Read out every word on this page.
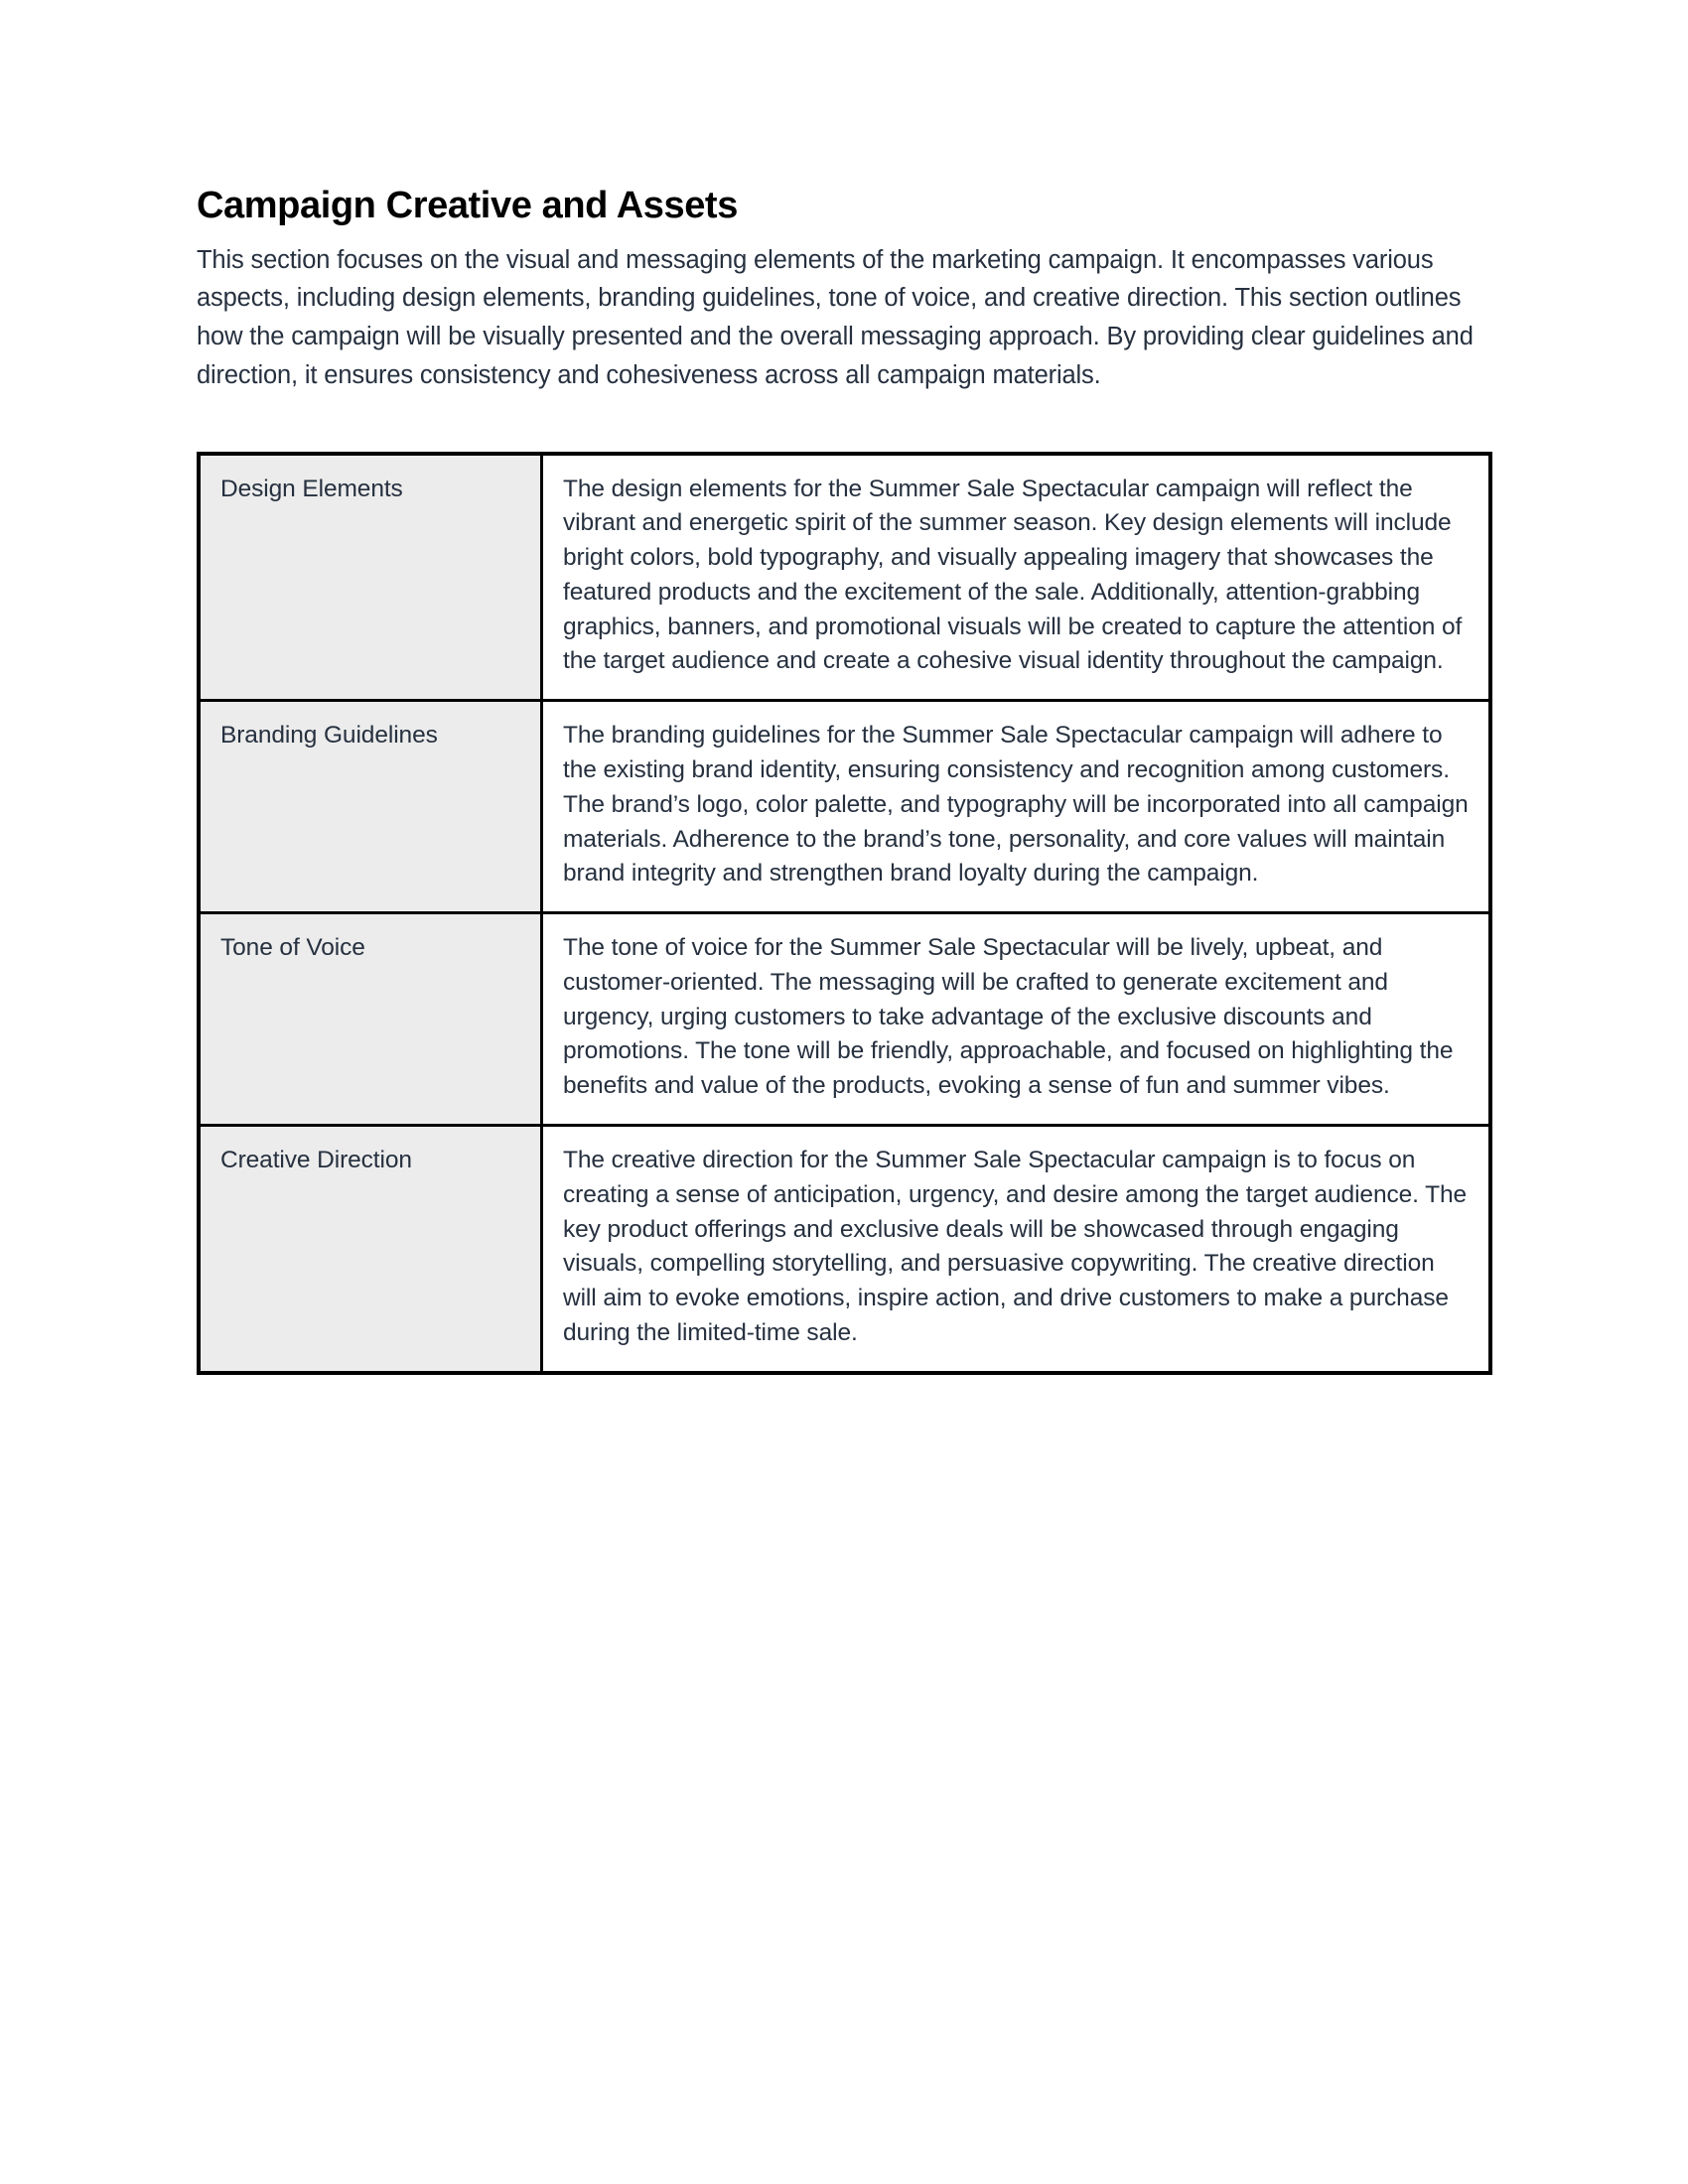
Campaign Creative and Assets

This section focuses on the visual and messaging elements of the marketing campaign. It encompasses various aspects, including design elements, branding guidelines, tone of voice, and creative direction. This section outlines how the campaign will be visually presented and the overall messaging approach. By providing clear guidelines and direction, it ensures consistency and cohesiveness across all campaign materials.

Design Elements	The design elements for the Summer Sale Spectacular campaign will reflect the vibrant and energetic spirit of the summer season. Key design elements will include bright colors, bold typography, and visually appealing imagery that showcases the featured products and the excitement of the sale. Additionally, attention-grabbing graphics, banners, and promotional visuals will be created to capture the attention of the target audience and create a cohesive visual identity throughout the campaign.
Branding Guidelines	The branding guidelines for the Summer Sale Spectacular campaign will adhere to the existing brand identity, ensuring consistency and recognition among customers. The brand’s logo, color palette, and typography will be incorporated into all campaign materials. Adherence to the brand’s tone, personality, and core values will maintain brand integrity and strengthen brand loyalty during the campaign.
Tone of Voice	The tone of voice for the Summer Sale Spectacular will be lively, upbeat, and customer-oriented. The messaging will be crafted to generate excitement and urgency, urging customers to take advantage of the exclusive discounts and promotions. The tone will be friendly, approachable, and focused on highlighting the benefits and value of the products, evoking a sense of fun and summer vibes.
Creative Direction	The creative direction for the Summer Sale Spectacular campaign is to focus on creating a sense of anticipation, urgency, and desire among the target audience. The key product offerings and exclusive deals will be showcased through engaging visuals, compelling storytelling, and persuasive copywriting. The creative direction will aim to evoke emotions, inspire action, and drive customers to make a purchase during the limited-time sale.
